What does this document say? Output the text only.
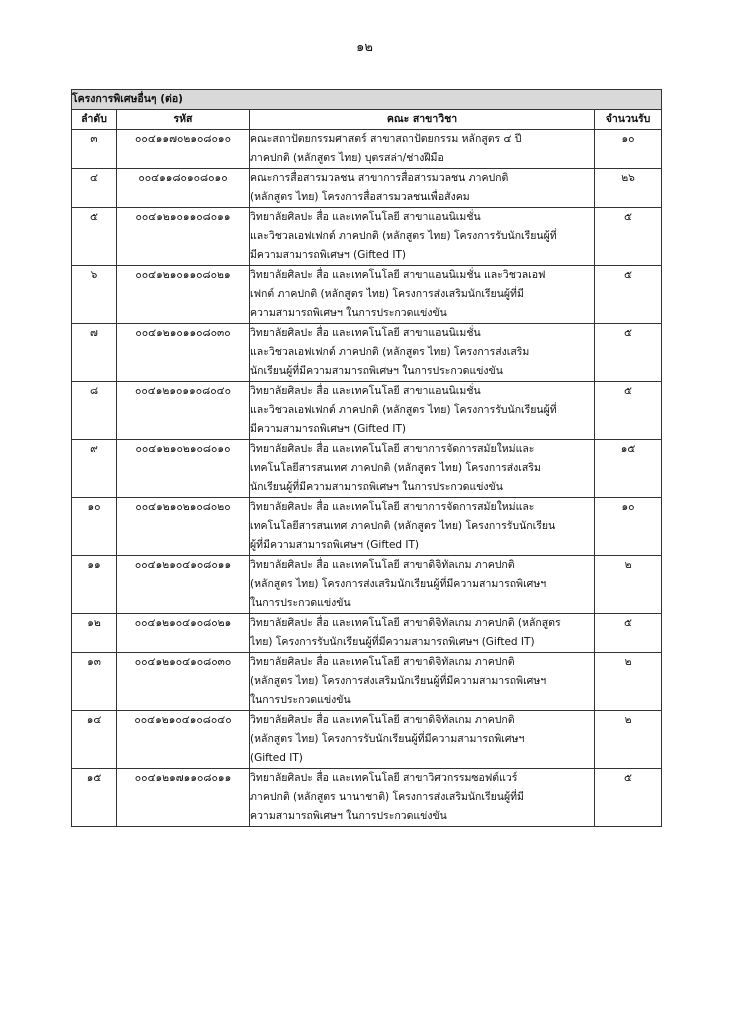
๑๒
โครงการพิเศษอื่นๆ (ต่อ)			
ลำดับ	รหัส	คณะ สาขาวิชา	จำนวนรับ
๓	๐๐๔๑๑๗๐๒๑๐๘๐๑๐	คณะสถาปัตยกรรมศาสตร์ สาขาสถาปัตยกรรม หลักสูตร ๔ ปี
ภาคปกติ (หลักสูตร ไทย) บุตรสล่า/ช่างฝีมือ	๑๐
๔	๐๐๔๑๑๘๐๑๐๘๐๑๐	คณะการสื่อสารมวลชน สาขาการสื่อสารมวลชน ภาคปกติ
(หลักสูตร ไทย) โครงการสื่อสารมวลชนเพื่อสังคม	๒๖
๕	๐๐๔๑๒๑๐๑๑๐๘๐๑๑	วิทยาลัยศิลปะ สื่อ และเทคโนโลยี สาขาแอนนิเมชั่น
และวิชวลเอฟเฟกต์ ภาคปกติ (หลักสูตร ไทย) โครงการรับนักเรียนผู้ที่
มีความสามารถพิเศษฯ (Gifted IT)	๕
๖	๐๐๔๑๒๑๐๑๑๐๘๐๒๑	วิทยาลัยศิลปะ สื่อ และเทคโนโลยี สาขาแอนนิเมชั่น และวิชวลเอฟ
เฟกต์ ภาคปกติ (หลักสูตร ไทย) โครงการส่งเสริมนักเรียนผู้ที่มี
ความสามารถพิเศษฯ ในการประกวดแข่งขัน	๕
๗	๐๐๔๑๒๑๐๑๑๐๘๐๓๐	วิทยาลัยศิลปะ สื่อ และเทคโนโลยี สาขาแอนนิเมชั่น
และวิชวลเอฟเฟกต์ ภาคปกติ (หลักสูตร ไทย) โครงการส่งเสริม
นักเรียนผู้ที่มีความสามารถพิเศษฯ ในการประกวดแข่งขัน	๕
๘	๐๐๔๑๒๑๐๑๑๐๘๐๔๐	วิทยาลัยศิลปะ สื่อ และเทคโนโลยี สาขาแอนนิเมชั่น
และวิชวลเอฟเฟกต์ ภาคปกติ (หลักสูตร ไทย) โครงการรับนักเรียนผู้ที่
มีความสามารถพิเศษฯ (Gifted IT)	๕
๙	๐๐๔๑๒๑๐๒๑๐๘๐๑๐	วิทยาลัยศิลปะ สื่อ และเทคโนโลยี สาขาการจัดการสมัยใหม่และ
เทคโนโลยีสารสนเทศ ภาคปกติ (หลักสูตร ไทย) โครงการส่งเสริม
นักเรียนผู้ที่มีความสามารถพิเศษฯ ในการประกวดแข่งขัน	๑๕
๑๐	๐๐๔๑๒๑๐๒๑๐๘๐๒๐	วิทยาลัยศิลปะ สื่อ และเทคโนโลยี สาขาการจัดการสมัยใหม่และ
เทคโนโลยีสารสนเทศ ภาคปกติ (หลักสูตร ไทย) โครงการรับนักเรียน
ผู้ที่มีความสามารถพิเศษฯ (Gifted IT)	๑๐
๑๑	๐๐๔๑๒๑๐๔๑๐๘๐๑๑	วิทยาลัยศิลปะ สื่อ และเทคโนโลยี สาขาดิจิทัลเกม ภาคปกติ
(หลักสูตร ไทย) โครงการส่งเสริมนักเรียนผู้ที่มีความสามารถพิเศษฯ
ในการประกวดแข่งขัน	๒
๑๒	๐๐๔๑๒๑๐๔๑๐๘๐๒๑	วิทยาลัยศิลปะ สื่อ และเทคโนโลยี สาขาดิจิทัลเกม ภาคปกติ (หลักสูตร
ไทย) โครงการรับนักเรียนผู้ที่มีความสามารถพิเศษฯ (Gifted IT)	๕
๑๓	๐๐๔๑๒๑๐๔๑๐๘๐๓๐	วิทยาลัยศิลปะ สื่อ และเทคโนโลยี สาขาดิจิทัลเกม ภาคปกติ
(หลักสูตร ไทย) โครงการส่งเสริมนักเรียนผู้ที่มีความสามารถพิเศษฯ
ในการประกวดแข่งขัน	๒
๑๔	๐๐๔๑๒๑๐๔๑๐๘๐๔๐	วิทยาลัยศิลปะ สื่อ และเทคโนโลยี สาขาดิจิทัลเกม ภาคปกติ
(หลักสูตร ไทย) โครงการรับนักเรียนผู้ที่มีความสามารถพิเศษฯ
(Gifted IT)	๒
๑๕	๐๐๔๑๒๑๗๑๑๐๘๐๑๑	วิทยาลัยศิลปะ สื่อ และเทคโนโลยี สาขาวิศวกรรมซอฟต์แวร์
ภาคปกติ (หลักสูตร นานาชาติ) โครงการส่งเสริมนักเรียนผู้ที่มี
ความสามารถพิเศษฯ ในการประกวดแข่งขัน	๕
